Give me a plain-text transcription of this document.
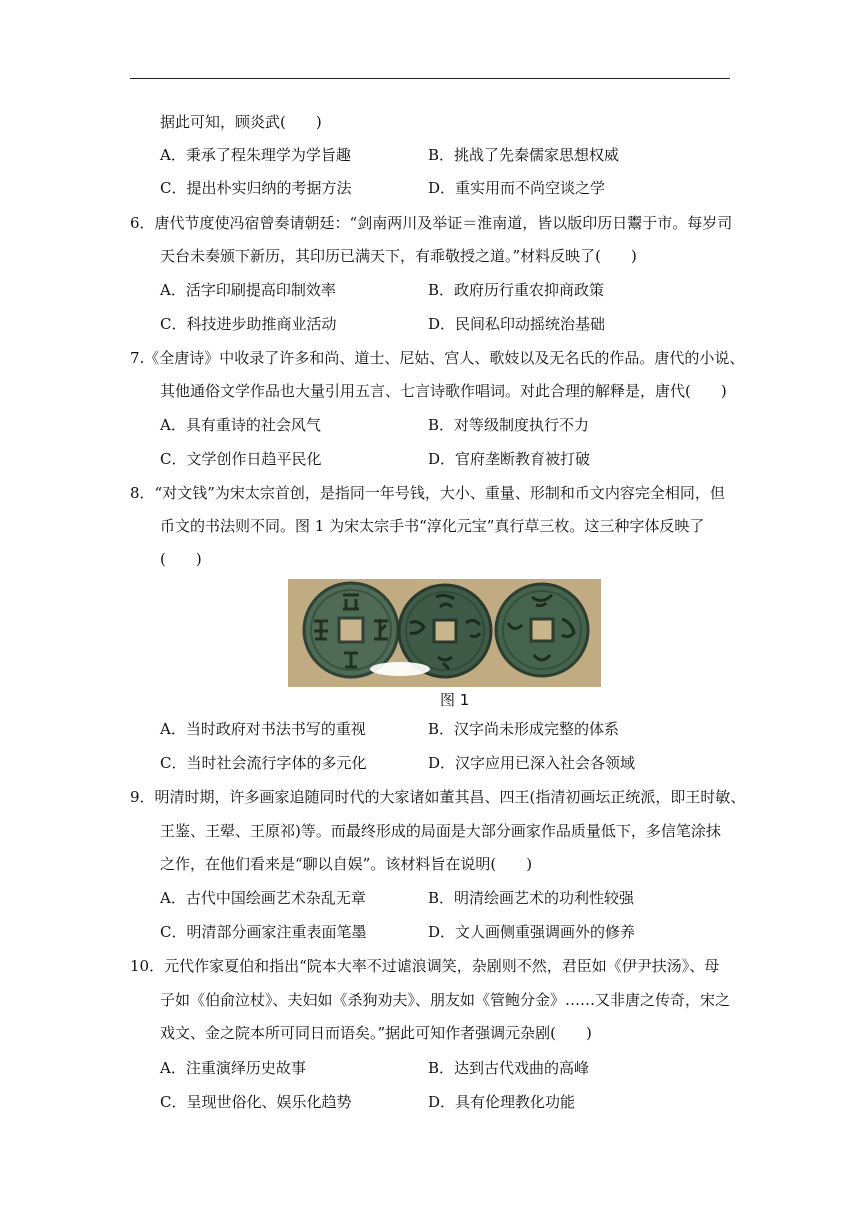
据此可知，顾炎武(　　)
A．秉承了程朱理学为学旨趣	B．挑战了先秦儒家思想权威
C．提出朴实归纳的考据方法	D．重实用而不尚空谈之学
6．唐代节度使冯宿曾奏请朝廷：“剑南两川及举证＝淮南道，皆以版印历日鬻于市。每岁司
天台未奏颁下新历，其印历已满天下，有乖敬授之道。”材料反映了(　　)
A．活字印刷提高印制效率	B．政府历行重农抑商政策
C．科技进步助推商业活动	D．民间私印动摇统治基础
7.《全唐诗》中收录了许多和尚、道士、尼姑、宫人、歌妓以及无名氏的作品。唐代的小说、
其他通俗文学作品也大量引用五言、七言诗歌作唱词。对此合理的解释是，唐代(　　)
A．具有重诗的社会风气	B．对等级制度执行不力
C．文学创作日趋平民化	D．官府垄断教育被打破
8．“对文钱”为宋太宗首创，是指同一年号钱，大小、重量、形制和币文内容完全相同，但
币文的书法则不同。图 1 为宋太宗手书“淳化元宝”真行草三枚。这三种字体反映了
(　　)
图 1
A．当时政府对书法书写的重视	B．汉字尚未形成完整的体系
C．当时社会流行字体的多元化	D．汉字应用已深入社会各领域
9．明清时期，许多画家追随同时代的大家诸如董其昌、四王(指清初画坛正统派，即王时敏、
王鉴、王翚、王原祁)等。而最终形成的局面是大部分画家作品质量低下，多信笔涂抹
之作，在他们看来是“聊以自娱”。该材料旨在说明(　　)
A．古代中国绘画艺术杂乱无章	B．明清绘画艺术的功利性较强
C．明清部分画家注重表面笔墨	D．文人画侧重强调画外的修养
10．元代作家夏伯和指出“院本大率不过谑浪调笑，杂剧则不然，君臣如《伊尹扶汤》、母
子如《伯俞泣杖》、夫妇如《杀狗劝夫》、朋友如《管鲍分金》……又非唐之传奇，宋之
戏文、金之院本所可同日而语矣。”据此可知作者强调元杂剧(　　)
A．注重演绎历史故事	B．达到古代戏曲的高峰
C．呈现世俗化、娱乐化趋势	D．具有伦理教化功能
